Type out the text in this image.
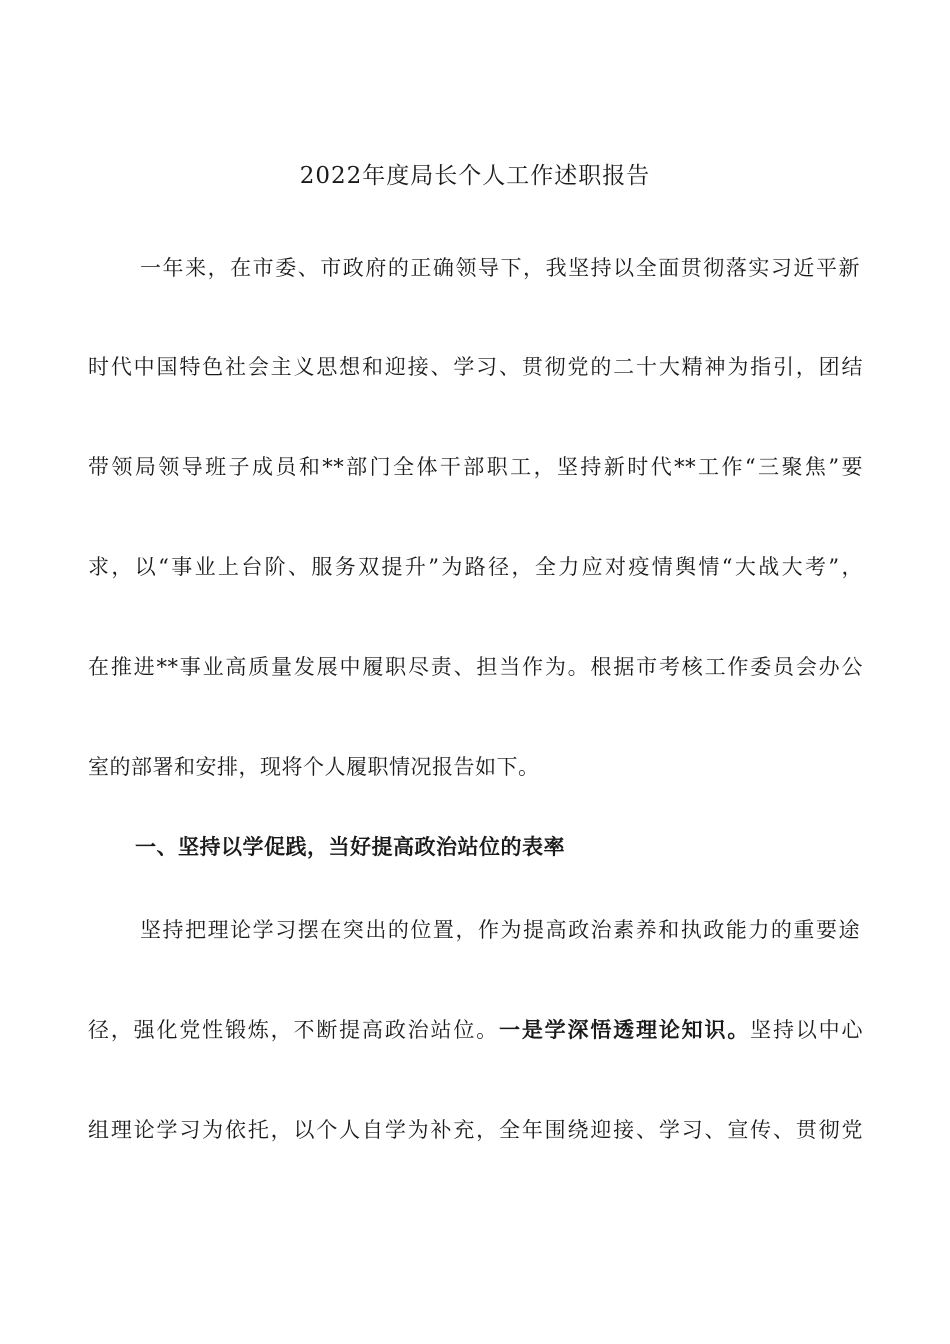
2022年度局长个人工作述职报告
一年来，在市委、市政府的正确领导下，我坚持以全面贯彻落实习近平新
时代中国特色社会主义思想和迎接、学习、贯彻党的二十大精神为指引，团结
带领局领导班子成员和**部门全体干部职工，坚持新时代**工作“三聚焦”要
求，以“事业上台阶、服务双提升”为路径，全力应对疫情舆情“大战大考”，
在推进**事业高质量发展中履职尽责、担当作为。根据市考核工作委员会办公
室的部署和安排，现将个人履职情况报告如下。
一、坚持以学促践，当好提高政治站位的表率
坚持把理论学习摆在突出的位置，作为提高政治素养和执政能力的重要途
径，强化党性锻炼，不断提高政治站位。一是学深悟透理论知识。坚持以中心
组理论学习为依托，以个人自学为补充，全年围绕迎接、学习、宣传、贯彻党
